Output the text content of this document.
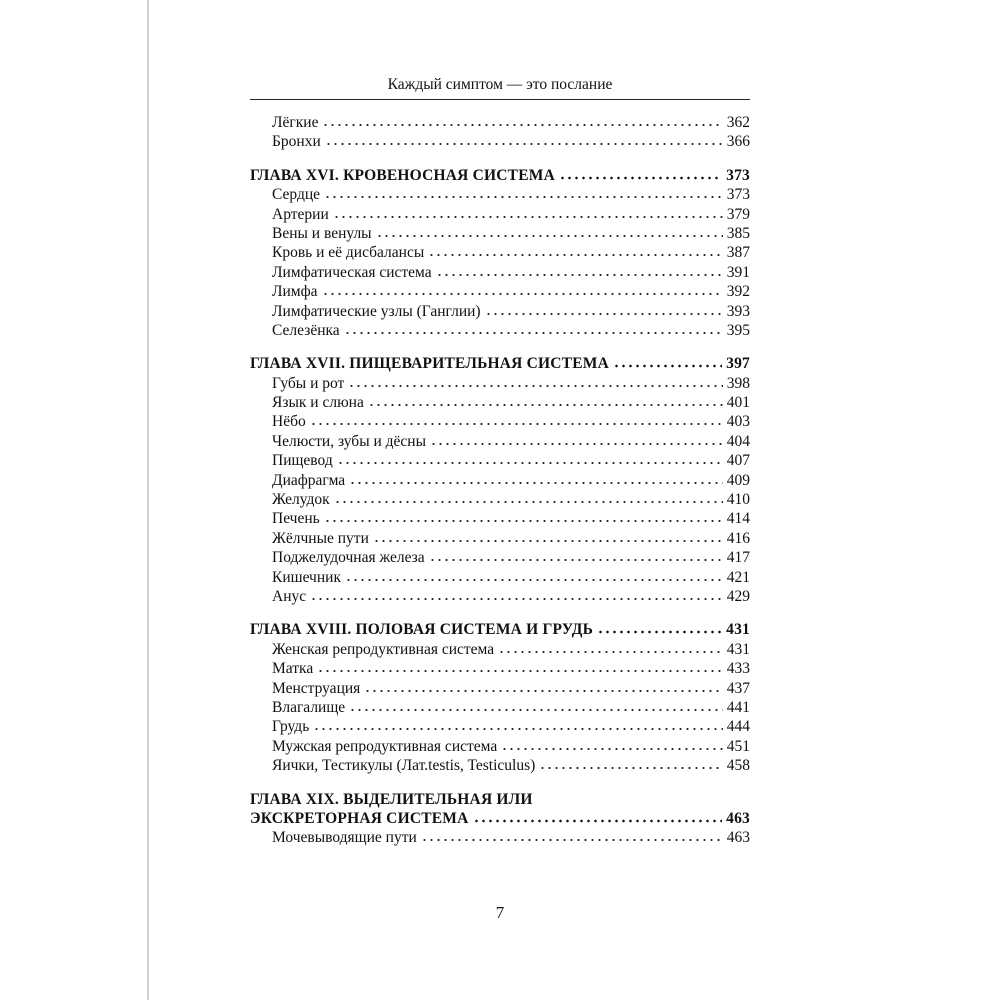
Каждый симптом — это послание
Лёгкие	362
Бронхи	366
ГЛАВА XVI. КРОВЕНОСНАЯ СИСТЕМА	373
Сердце	373
Артерии	379
Вены и венулы	385
Кровь и её дисбалансы	387
Лимфатическая система	391
Лимфа	392
Лимфатические узлы (Ганглии)	393
Селезёнка	395
ГЛАВА XVII. ПИЩЕВАРИТЕЛЬНАЯ СИСТЕМА	397
Губы и рот	398
Язык и слюна	401
Нёбо	403
Челюсти, зубы и дёсны	404
Пищевод	407
Диафрагма	409
Желудок	410
Печень	414
Жёлчные пути	416
Поджелудочная железа	417
Кишечник	421
Анус	429
ГЛАВА XVIII. ПОЛОВАЯ СИСТЕМА И ГРУДЬ	431
Женская репродуктивная система	431
Матка	433
Менструация	437
Влагалище	441
Грудь	444
Мужская репродуктивная система	451
Яички, Тестикулы (Лат.testis, Testiculus)	458
ГЛАВА XIX. ВЫДЕЛИТЕЛЬНАЯ ИЛИ
ЭКСКРЕТОРНАЯ СИСТЕМА	463
Мочевыводящие пути	463
7
